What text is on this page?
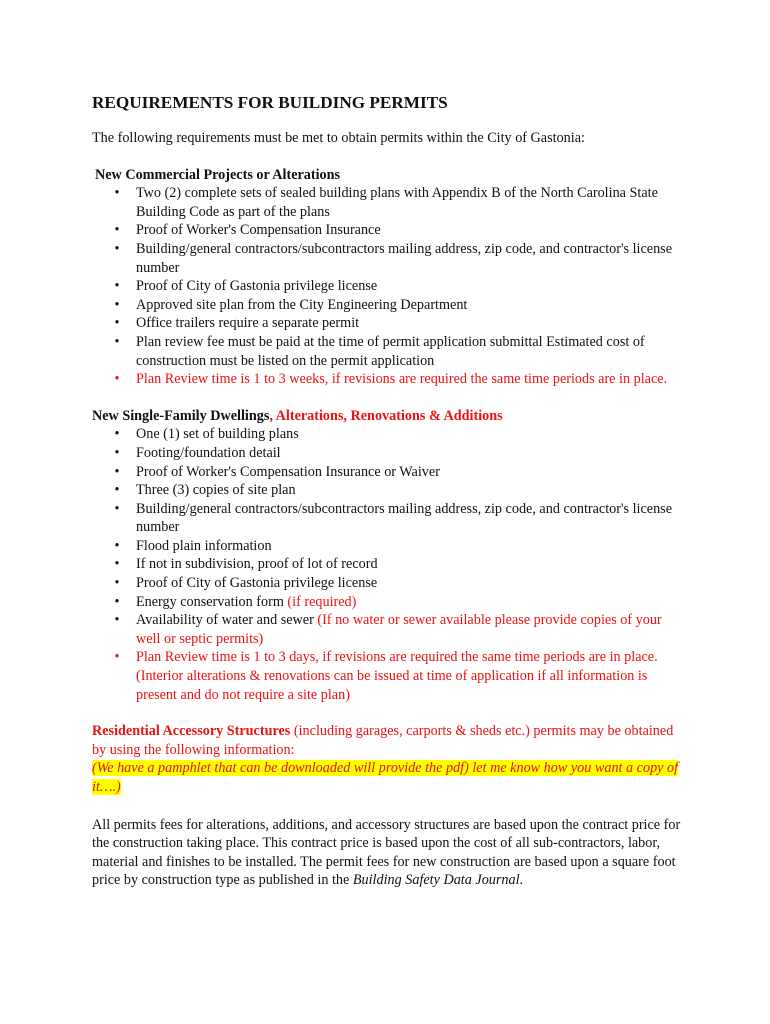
REQUIREMENTS FOR BUILDING PERMITS

The following requirements must be met to obtain permits within the City of Gastonia:

New Commercial Projects or Alterations

• Two (2) complete sets of sealed building plans with Appendix B of the North Carolina State Building Code as part of the plans
• Proof of Worker's Compensation Insurance
• Building/general contractors/subcontractors mailing address, zip code, and contractor's license number
• Proof of City of Gastonia privilege license
• Approved site plan from the City Engineering Department
• Office trailers require a separate permit
• Plan review fee must be paid at the time of permit application submittal Estimated cost of construction must be listed on the permit application
• Plan Review time is 1 to 3 weeks, if revisions are required the same time periods are in place.

New Single-Family Dwellings, Alterations, Renovations & Additions

• One (1) set of building plans
• Footing/foundation detail
• Proof of Worker's Compensation Insurance or Waiver
• Three (3) copies of site plan
• Building/general contractors/subcontractors mailing address, zip code, and contractor's license number
• Flood plain information
• If not in subdivision, proof of lot of record
• Proof of City of Gastonia privilege license
• Energy conservation form (if required)
• Availability of water and sewer (If no water or sewer available please provide copies of your well or septic permits)
• Plan Review time is 1 to 3 days, if revisions are required the same time periods are in place. (Interior alterations & renovations can be issued at time of application if all information is present and do not require a site plan)

Residential Accessory Structures (including garages, carports & sheds etc.) permits may be obtained by using the following information:
(We have a pamphlet that can be downloaded will provide the pdf) let me know how you want a copy of it….)

All permits fees for alterations, additions, and accessory structures are based upon the contract price for the construction taking place. This contract price is based upon the cost of all sub-contractors, labor, material and finishes to be installed. The permit fees for new construction are based upon a square foot price by construction type as published in the Building Safety Data Journal.
